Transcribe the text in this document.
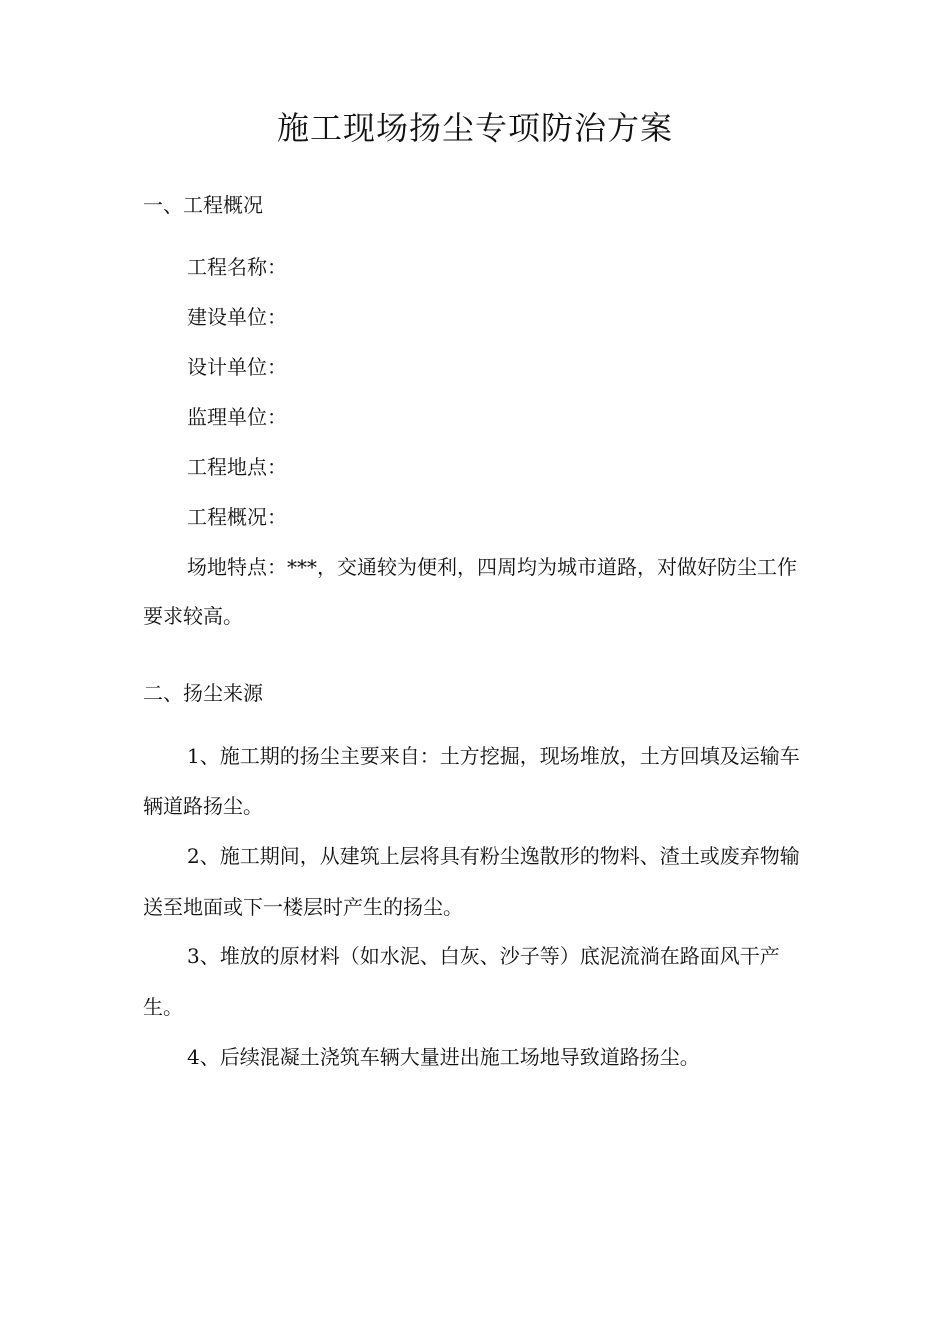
施工现场扬尘专项防治方案
一、工程概况
工程名称：
建设单位：
设计单位：
监理单位：
工程地点：
工程概况：
场地特点：***，交通较为便利，四周均为城市道路，对做好防尘工作
要求较高。
二、扬尘来源
1、施工期的扬尘主要来自：土方挖掘，现场堆放，土方回填及运输车
辆道路扬尘。
2、施工期间，从建筑上层将具有粉尘逸散形的物料、渣土或废弃物输
送至地面或下一楼层时产生的扬尘。
3、堆放的原材料（如水泥、白灰、沙子等）底泥流淌在路面风干产
生。
4、后续混凝土浇筑车辆大量进出施工场地导致道路扬尘。
